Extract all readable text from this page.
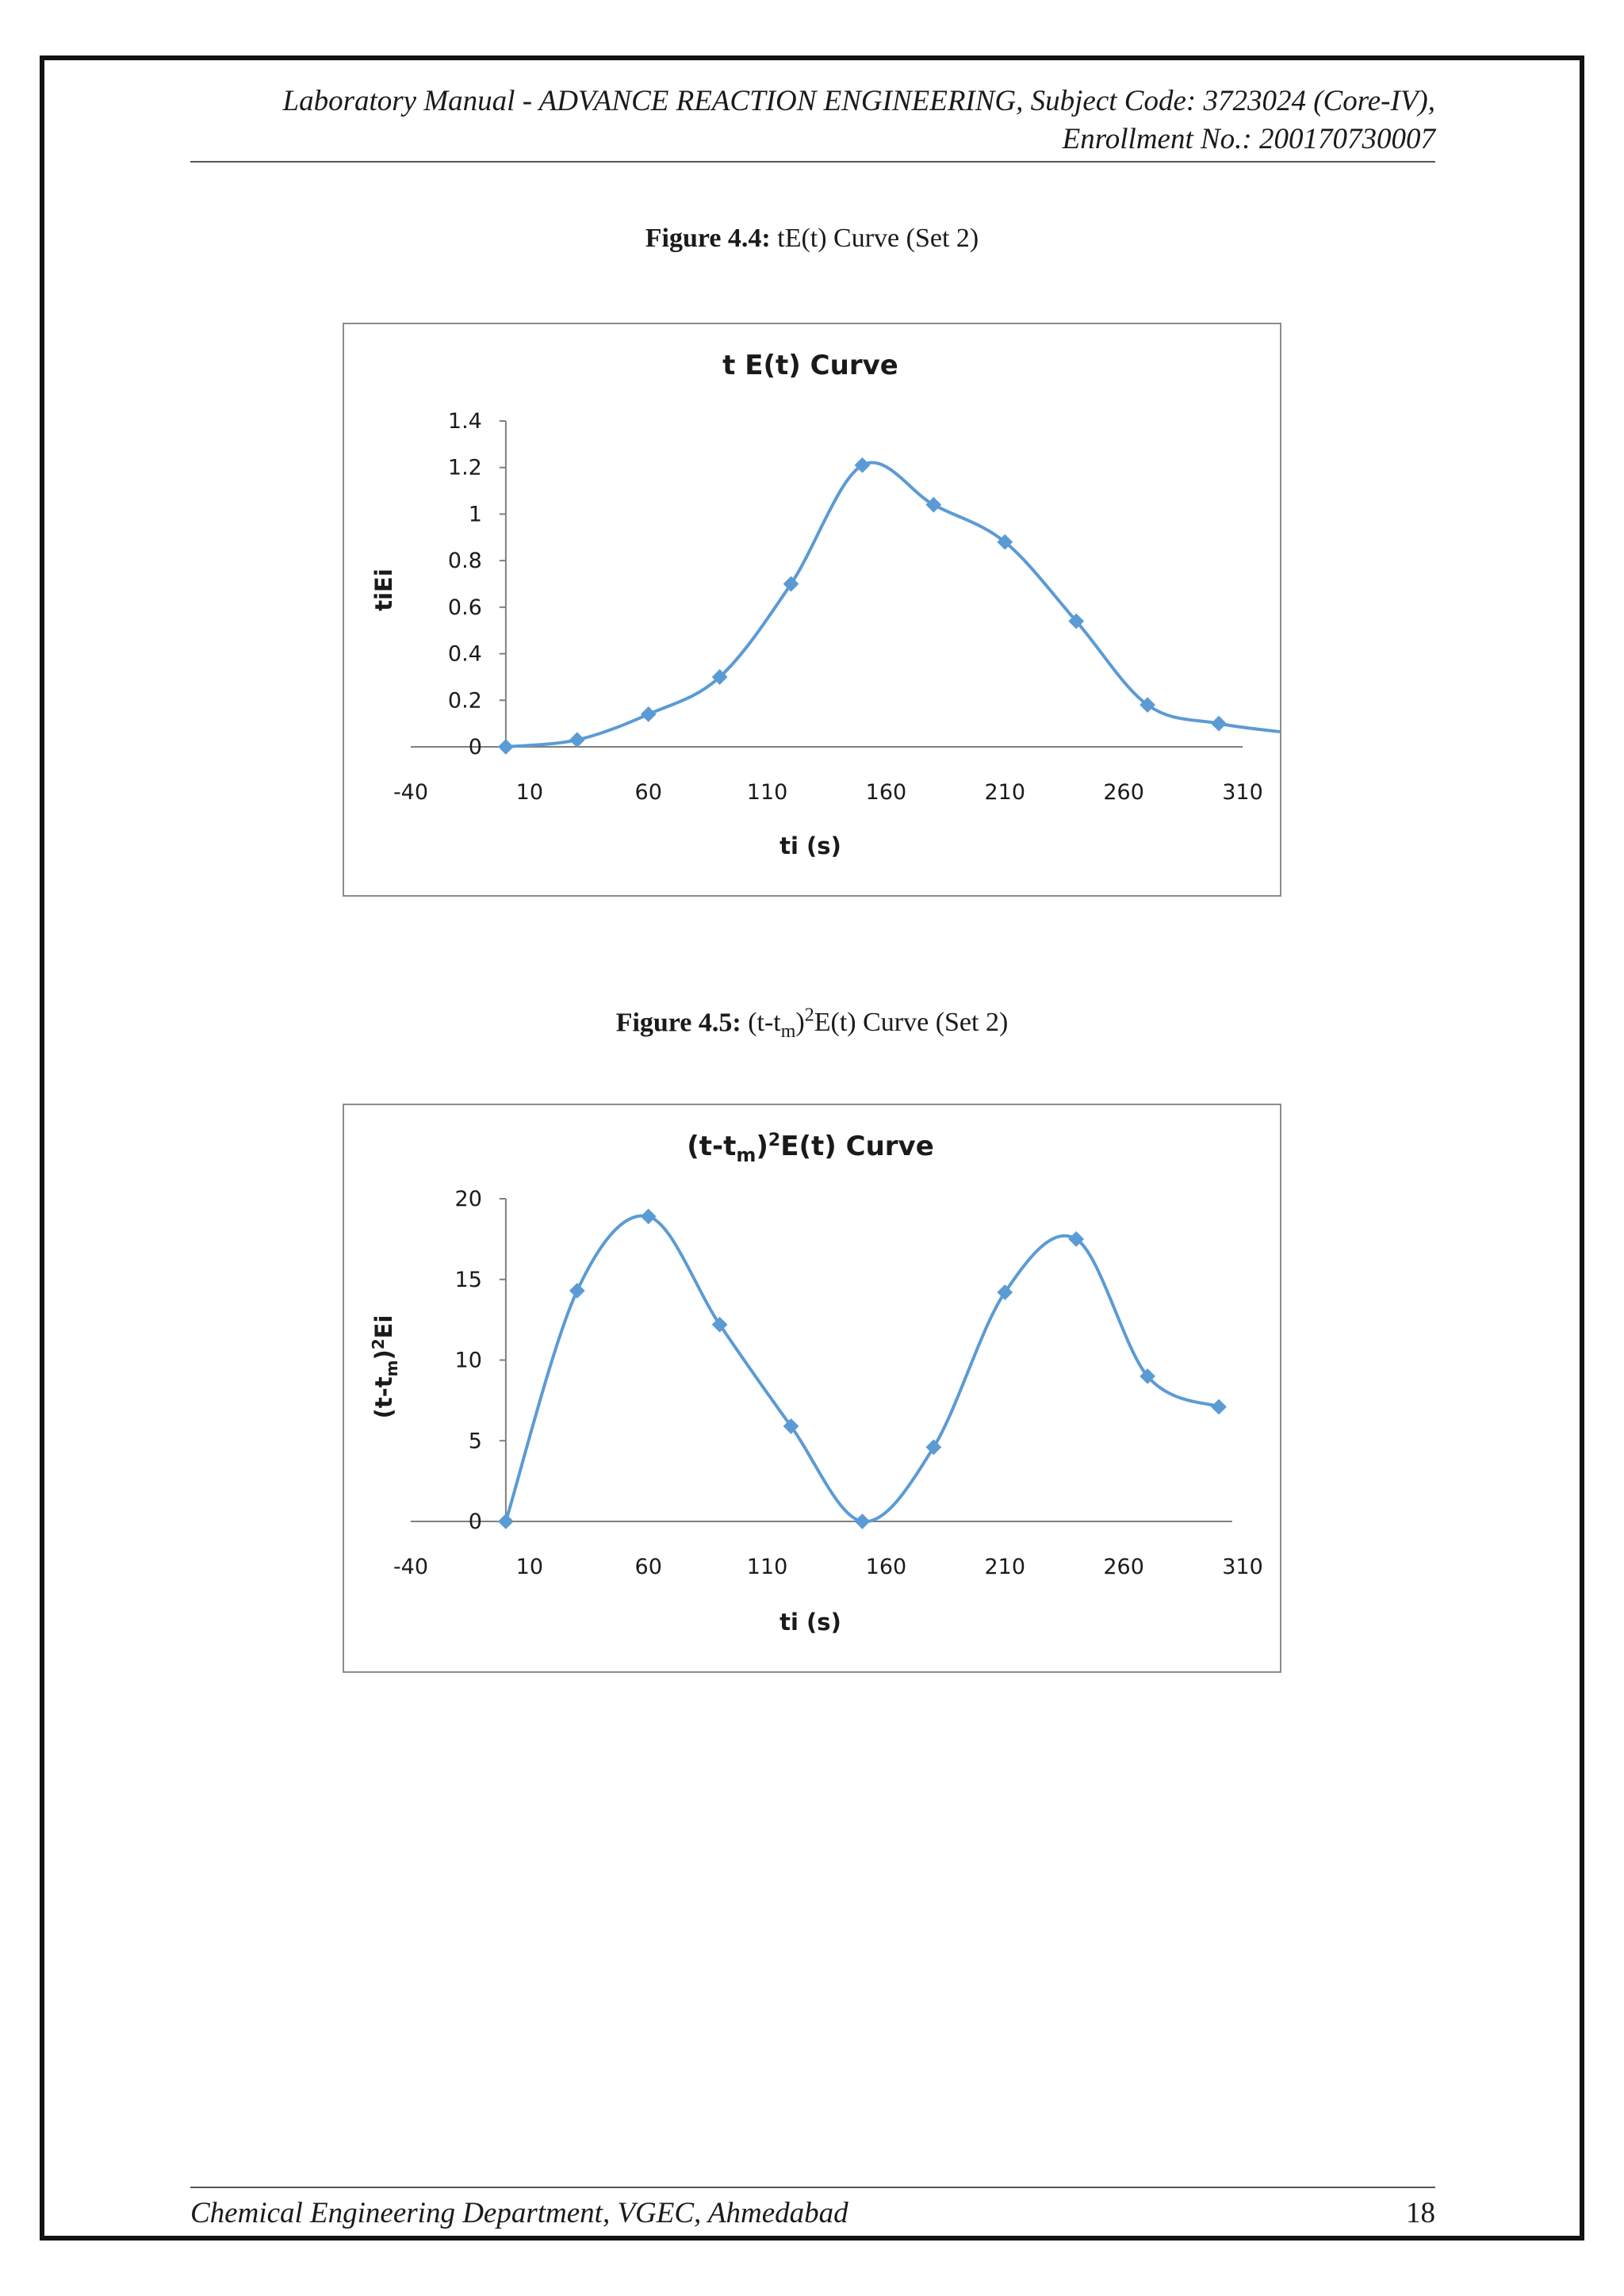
Laboratory Manual - ADVANCE REACTION ENGINEERING, Subject Code: 3723024 (Core-IV),
Enrollment No.: 200170730007
Figure 4.4: tE(t) Curve (Set 2)
t E(t) Curve
ti (s)
tiEi
0
0.2
0.4
0.6
0.8
1
1.2
1.4
-40	10	60	110	160	210	260	310
Figure 4.5: $(t-t_m)^2E(t)$ Curve (Set 2)
$(t-t_m)^2E(t)$ Curve
ti (s)
$(t-t_m)^2Ei$
0
5
10
15
20
-40	10	60	110	160	210	260	310
Chemical Engineering Department, VGEC, Ahmedabad	18
